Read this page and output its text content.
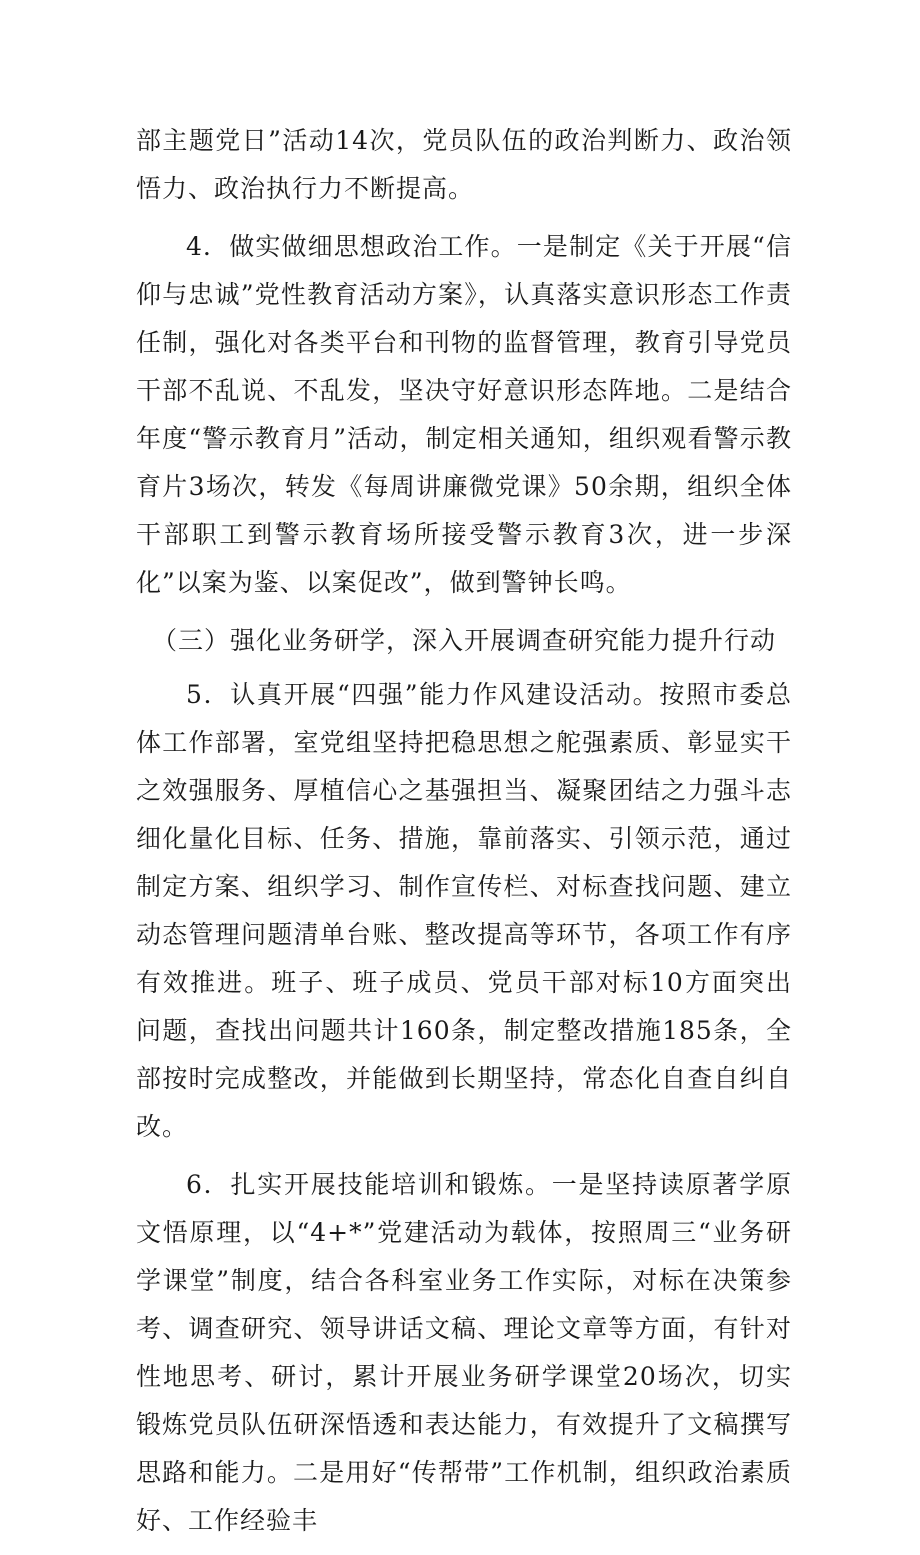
部主题党日”活动14次，党员队伍的政治判断力、政治领悟力、政治执行力不断提高。

4．做实做细思想政治工作。一是制定《关于开展“信仰与忠诚”党性教育活动方案》，认真落实意识形态工作责任制，强化对各类平台和刊物的监督管理，教育引导党员干部不乱说、不乱发，坚决守好意识形态阵地。二是结合年度“警示教育月”活动，制定相关通知，组织观看警示教育片3场次，转发《每周讲廉微党课》50余期，组织全体干部职工到警示教育场所接受警示教育3次，进一步深化”以案为鉴、以案促改”，做到警钟长鸣。

（三）强化业务研学，深入开展调查研究能力提升行动

5．认真开展“四强”能力作风建设活动。按照市委总体工作部署，室党组坚持把稳思想之舵强素质、彰显实干之效强服务、厚植信心之基强担当、凝聚团结之力强斗志细化量化目标、任务、措施，靠前落实、引领示范，通过制定方案、组织学习、制作宣传栏、对标查找问题、建立动态管理问题清单台账、整改提高等环节，各项工作有序有效推进。班子、班子成员、党员干部对标10方面突出问题，查找出问题共计160条，制定整改措施185条，全部按时完成整改，并能做到长期坚持，常态化自查自纠自改。

6．扎实开展技能培训和锻炼。一是坚持读原著学原文悟原理，以“4+*”党建活动为载体，按照周三“业务研学课堂”制度，结合各科室业务工作实际，对标在决策参考、调查研究、领导讲话文稿、理论文章等方面，有针对性地思考、研讨，累计开展业务研学课堂20场次，切实锻炼党员队伍研深悟透和表达能力，有效提升了文稿撰写思路和能力。二是用好“传帮带”工作机制，组织政治素质好、工作经验丰
